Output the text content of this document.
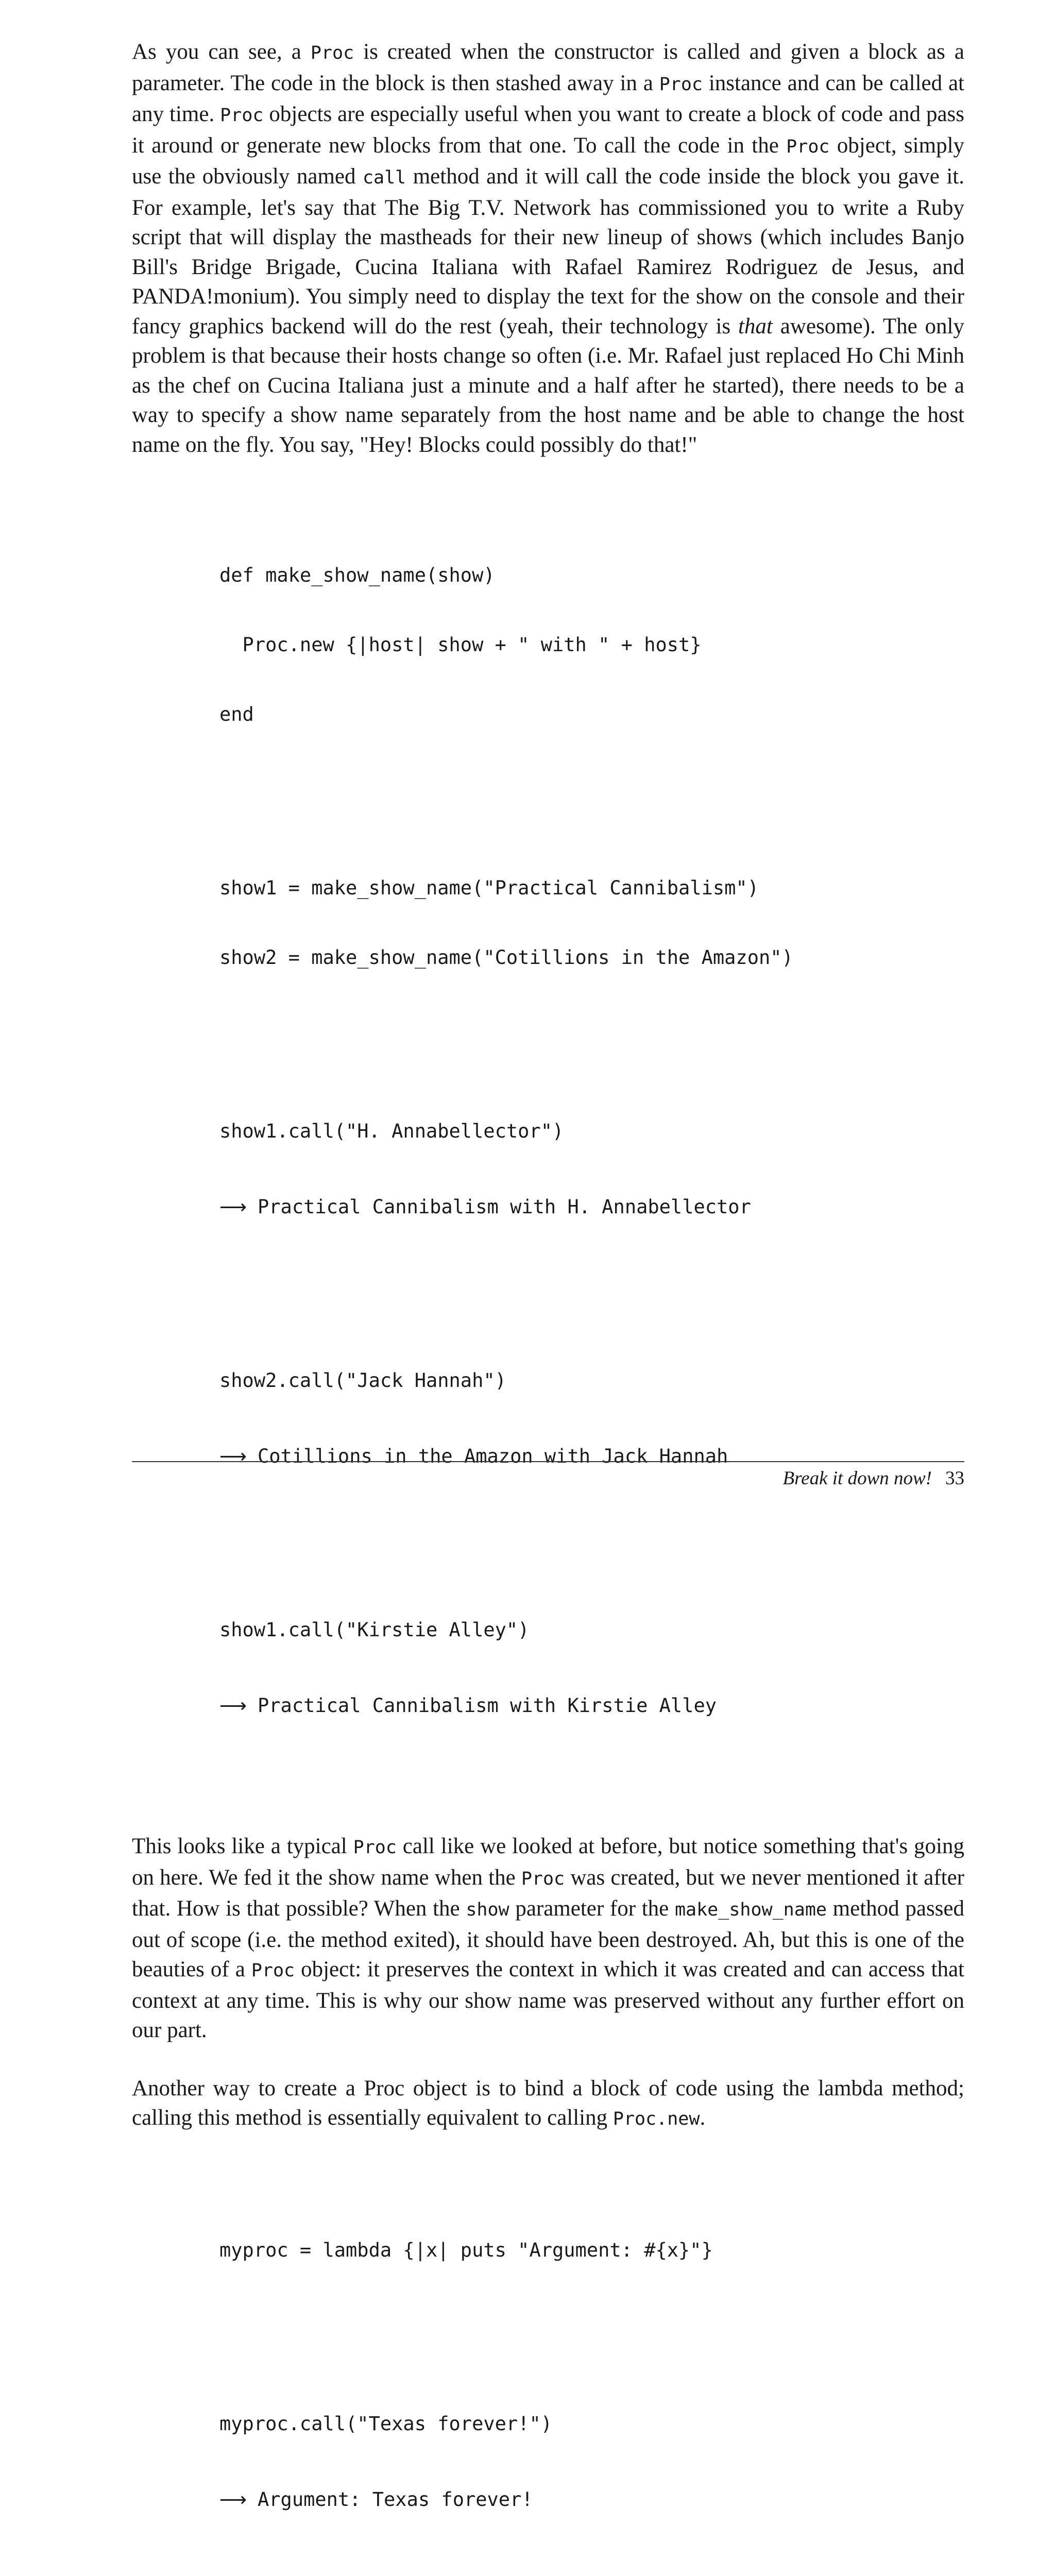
As you can see, a Proc is created when the constructor is called and given a block as a parameter. The code in the block is then stashed away in a Proc instance and can be called at any time. Proc objects are especially useful when you want to create a block of code and pass it around or generate new blocks from that one. To call the code in the Proc object, simply use the obviously named call method and it will call the code inside the block you gave it. For example, let's say that The Big T.V. Network has commissioned you to write a Ruby script that will display the mastheads for their new lineup of shows (which includes Banjo Bill's Bridge Brigade, Cucina Italiana with Rafael Ramirez Rodriguez de Jesus, and PANDA!monium). You simply need to display the text for the show on the console and their fancy graphics backend will do the rest (yeah, their technology is that awesome). The only problem is that because their hosts change so often (i.e. Mr. Rafael just replaced Ho Chi Minh as the chef on Cucina Italiana just a minute and a half after he started), there needs to be a way to specify a show name separately from the host name and be able to change the host name on the fly. You say, "Hey! Blocks could possibly do that!"

def make_show_name(show)

Proc.new {|host| show + " with " + host}

end

show1 = make_show_name("Practical Cannibalism")

show2 = make_show_name("Cotillions in the Amazon")

show1.call("H. Annabellector")

⟶ Practical Cannibalism with H. Annabellector

show2.call("Jack Hannah")

⟶ Cotillions in the Amazon with Jack Hannah

show1.call("Kirstie Alley")

⟶ Practical Cannibalism with Kirstie Alley

This looks like a typical Proc call like we looked at before, but notice something that's going on here. We fed it the show name when the Proc was created, but we never mentioned it after that. How is that possible? When the show parameter for the make_show_name method passed out of scope (i.e. the method exited), it should have been destroyed. Ah, but this is one of the beauties of a Proc object: it preserves the context in which it was created and can access that context at any time. This is why our show name was preserved without any further effort on our part.

Another way to create a Proc object is to bind a block of code using the lambda method; calling this method is essentially equivalent to calling Proc.new.

myproc = lambda {|x| puts "Argument: #{x}"}

myproc.call("Texas forever!")

⟶ Argument: Texas forever!

Break it down now! 33
